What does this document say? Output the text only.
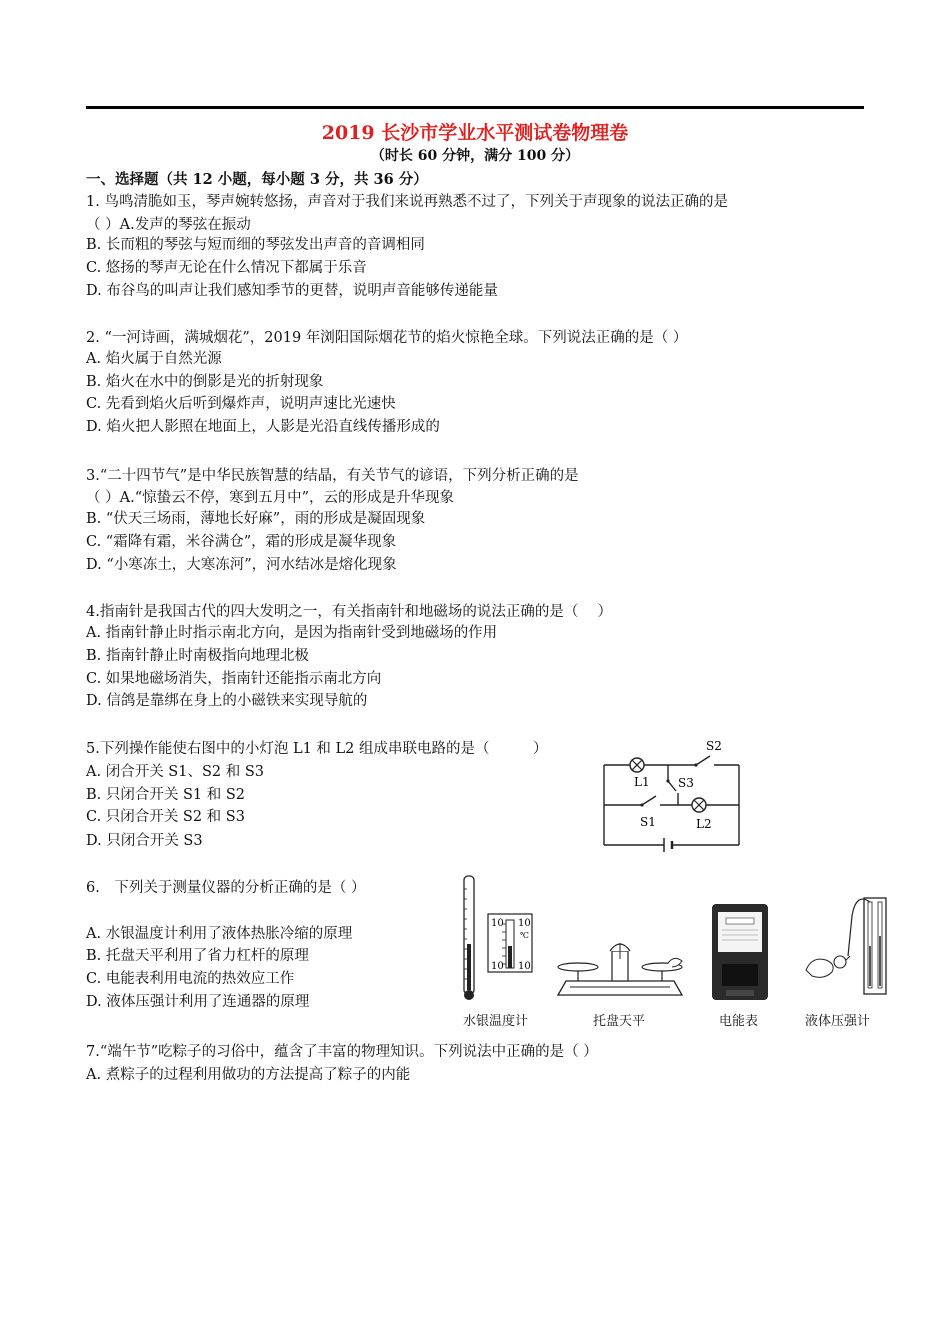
2019 长沙市学业水平测试卷物理卷
（时长 60 分钟，满分 100 分）
一、选择题（共 12 小题，每小题 3 分，共 36 分）
1. 鸟鸣清脆如玉，琴声婉转悠扬，声音对于我们来说再熟悉不过了，下列关于声现象的说法正确的是
（ ）A.发声的琴弦在振动
B. 长而粗的琴弦与短而细的琴弦发出声音的音调相同
C. 悠扬的琴声无论在什么情况下都属于乐音
D. 布谷鸟的叫声让我们感知季节的更替，说明声音能够传递能量
2. “一河诗画，满城烟花”，2019 年浏阳国际烟花节的焰火惊艳全球。下列说法正确的是（ ）
A. 焰火属于自然光源
B. 焰火在水中的倒影是光的折射现象
C. 先看到焰火后听到爆炸声，说明声速比光速快
D. 焰火把人影照在地面上，人影是光沿直线传播形成的
3.“二十四节气”是中华民族智慧的结晶，有关节气的谚语，下列分析正确的是
（ ）A.“惊蛰云不停，寒到五月中”，云的形成是升华现象
B. “伏天三场雨，薄地长好麻”，雨的形成是凝固现象
C. “霜降有霜，米谷满仓”，霜的形成是凝华现象
D. “小寒冻土，大寒冻河”，河水结冰是熔化现象
4.指南针是我国古代的四大发明之一，有关指南针和地磁场的说法正确的是（　 ）
A. 指南针静止时指示南北方向，是因为指南针受到地磁场的作用
B. 指南针静止时南极指向地理北极
C. 如果地磁场消失，指南针还能指示南北方向
D. 信鸽是靠绑在身上的小磁铁来实现导航的
5.下列操作能使右图中的小灯泡 L1 和 L2 组成串联电路的是（　　　）
A. 闭合开关 S1、S2 和 S3
B. 只闭合开关 S1 和 S2
C. 只闭合开关 S2 和 S3
D. 只闭合开关 S3
S2
S3
L1
S1	L2
6.　下列关于测量仪器的分析正确的是（ ）
A. 水银温度计利用了液体热胀冷缩的原理
B. 托盘天平利用了省力杠杆的原理
C. 电能表利用电流的热效应工作
D. 液体压强计利用了连通器的原理
10 10
℃
10 10
水银温度计	托盘天平	电能表	液体压强计
7.“端午节”吃粽子的习俗中，蕴含了丰富的物理知识。下列说法中正确的是（ ）
A. 煮粽子的过程利用做功的方法提高了粽子的内能
